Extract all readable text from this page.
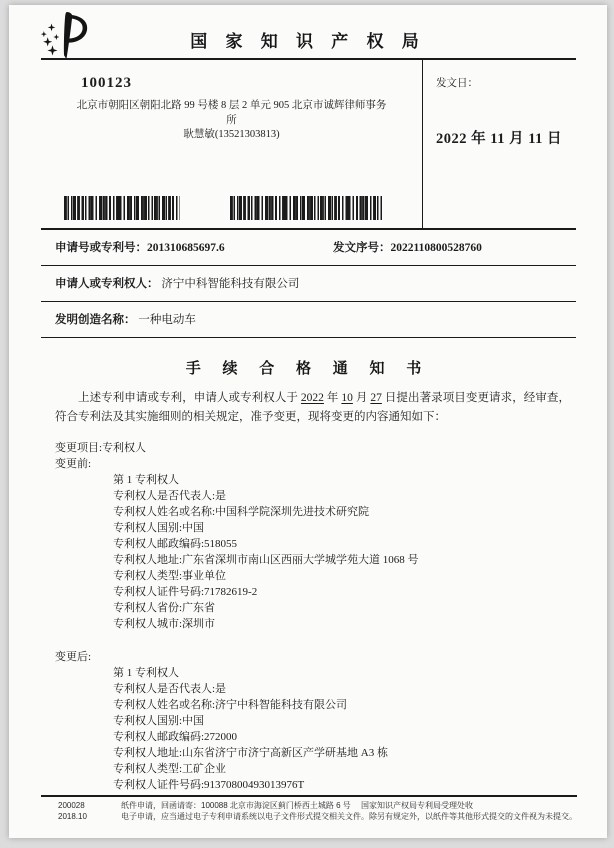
国 家 知 识 产 权 局
100123
北京市朝阳区朝阳北路 99 号楼 8 层 2 单元 905 北京市诚辉律师事务
所
耿慧敏(13521303813)
发文日：
2022 年 11 月 11 日
申请号或专利号：201310685697.6	发文序号：2022110800528760
申请人或专利权人：
济宁中科智能科技有限公司
发明创造名称：
一种电动车
手 续 合 格 通 知 书
上述专利申请或专利，申请人或专利权人于 2022 年 10 月 27 日提出著录项目变更请求，经审查，符合专利法及其实施细则的相关规定，准予变更，现将变更的内容通知如下：
变更项目:专利权人
变更前:
第 1 专利权人
专利权人是否代表人:是
专利权人姓名或名称:中国科学院深圳先进技术研究院
专利权人国别:中国
专利权人邮政编码:518055
专利权人地址:广东省深圳市南山区西丽大学城学苑大道 1068 号
专利权人类型:事业单位
专利权人证件号码:71782619-2
专利权人省份:广东省
专利权人城市:深圳市
变更后:
第 1 专利权人
专利权人是否代表人:是
专利权人姓名或名称:济宁中科智能科技有限公司
专利权人国别:中国
专利权人邮政编码:272000
专利权人地址:山东省济宁市济宁高新区产学研基地 A3 栋
专利权人类型:工矿企业
专利权人证件号码:91370800493013976T
200028
2018.10
纸件申请，回函请寄：100088 北京市海淀区蓟门桥西土城路 6 号　 国家知识产权局专利局受理处收
电子申请，应当通过电子专利申请系统以电子文件形式提交相关文件。除另有规定外，以纸件等其他形式提交的文件视为未提交。
